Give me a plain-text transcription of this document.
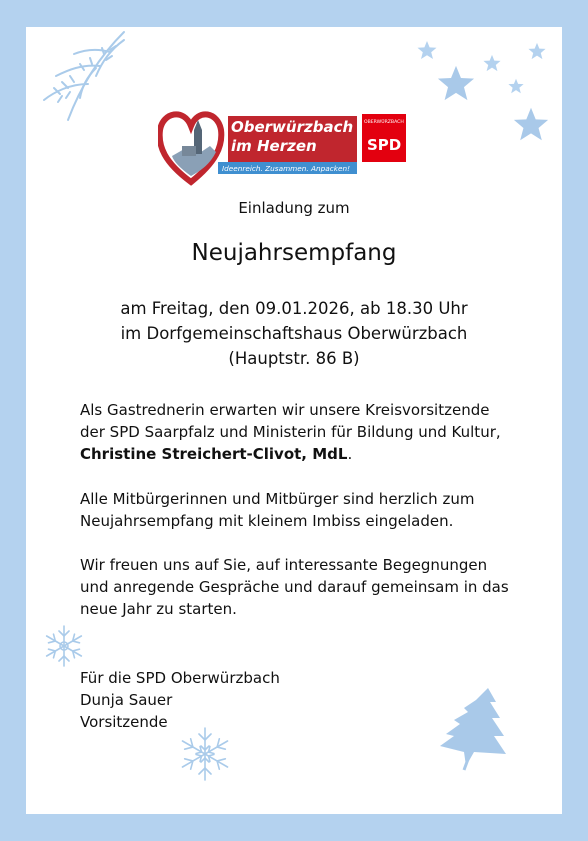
Oberwürzbach
im Herzen
Ideenreich. Zusammen. Anpacken!
OBERWÜRZBACH
SPD
Einladung zum
Neujahrsempfang
am Freitag, den 09.01.2026, ab 18.30 Uhr
im Dorfgemeinschaftshaus Oberwürzbach
(Hauptstr. 86 B)
Als Gastrednerin erwarten wir unsere Kreisvorsitzende
der SPD Saarpfalz und Ministerin für Bildung und Kultur,
Christine Streichert-Clivot, MdL.
Alle Mitbürgerinnen und Mitbürger sind herzlich zum
Neujahrsempfang mit kleinem Imbiss eingeladen.
Wir freuen uns auf Sie, auf interessante Begegnungen
und anregende Gespräche und darauf gemeinsam in das
neue Jahr zu starten.
Für die SPD Oberwürzbach
Dunja Sauer
Vorsitzende
